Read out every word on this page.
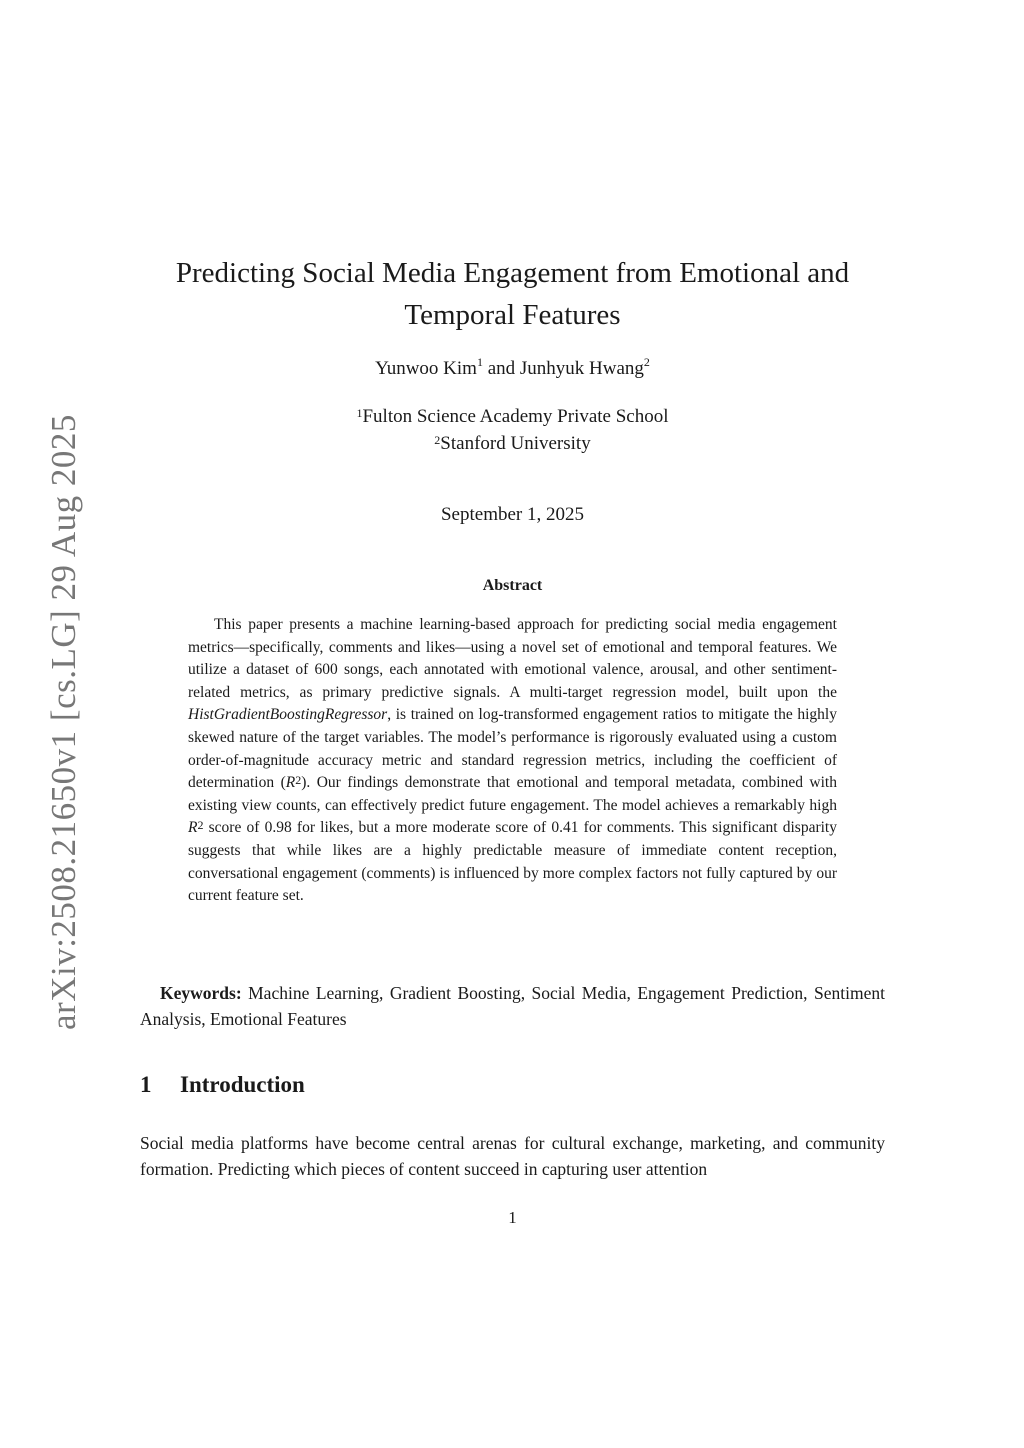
arXiv:2508.21650v1 [cs.LG] 29 Aug 2025
Predicting Social Media Engagement from Emotional and
Temporal Features
Yunwoo Kim$^1$ and Junhyuk Hwang$^2$
$^1$Fulton Science Academy Private School
$^2$Stanford University
September 1, 2025
Abstract

This paper presents a machine learning-based approach for predicting social media engagement metrics—specifically, comments and likes—using a novel set of emotional and temporal features. We utilize a dataset of 600 songs, each annotated with emotional valence, arousal, and other sentiment-related metrics, as primary predictive signals. A multi-target regression model, built upon the HistGradientBoostingRegressor, is trained on log-transformed engagement ratios to mitigate the highly skewed nature of the target variables. The model’s performance is rigorously evaluated using a custom order-of-magnitude accuracy metric and standard regression metrics, including the coefficient of determination $(R^2)$. Our findings demonstrate that emotional and temporal metadata, combined with existing view counts, can effectively predict future engagement. The model achieves a remarkably high $R^2$ score of 0.98 for likes, but a more moderate score of 0.41 for comments. This significant disparity suggests that while likes are a highly predictable measure of immediate content reception, conversational engagement (comments) is influenced by more complex factors not fully captured by our current feature set.

Keywords: Machine Learning, Gradient Boosting, Social Media, Engagement Prediction, Sentiment Analysis, Emotional Features

1 Introduction

Social media platforms have become central arenas for cultural exchange, marketing, and community formation. Predicting which pieces of content succeed in capturing user attention

1
